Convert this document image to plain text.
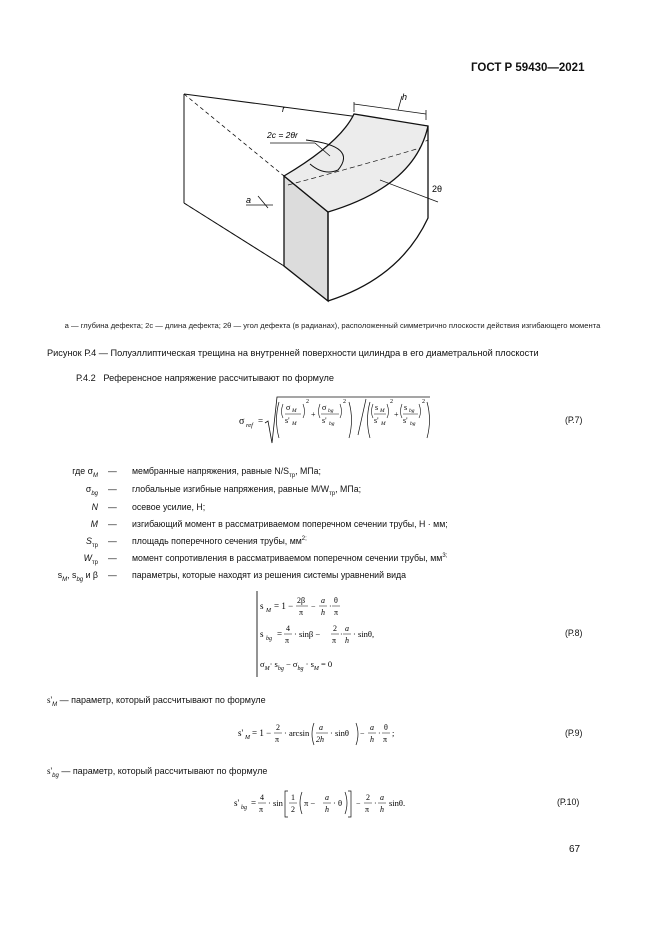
ГОСТ Р 59430—2021
r
h
2c = 2θr
2θ
a
a — глубина дефекта; 2c — длина дефекта; 2θ — угол дефекта (в радианах), расположенный симметрично плоскости действия изгибающего момента
Рисунок Р.4 — Полуэллиптическая трещина на внутренней поверхности цилиндра в его диаметральной плоскости
Р.4.2 Референсное напряжение рассчитывают по формуле
σ ref =
σ M
s' M
2
+
σ bg
s' bg
2
s M
s' M
2
+
s bg
s' bg
2
(Р.7)
где $\sigma_M$ — мембранные напряжения, равные $N/S_{тр}$, МПа;
$\sigma_{bg}$ — глобальные изгибные напряжения, равные $M/W_{тр}$, МПа;
N — осевое усилие, Н;
M — изгибающий момент в рассматриваемом поперечном сечении трубы, Н · мм;
$S_{тр}$ — площадь поперечного сечения трубы, $мм^{2;}$
$W_{тр}$ — момент сопротивления в рассматриваемом поперечном сечении трубы, $мм^{3;}$
$s_M$, $s_{bg}$ и β — параметры, которые находят из решения системы уравнений вида
s M = 1 −
2β
π
−
a
h
·
θ
π
s bg =
4
π
· sinβ −
2
π
·
a
h
· sinθ,
$\sigma_M\cdot s_{bg} - \sigma_{bg} \cdot s_M = 0$
(Р.8)
$s'_M$ — параметр, который рассчитывают по формуле
s' M = 1 −
2
π
· arcsin
a
2h
· sinθ −
a
h
·
θ
π
;	(Р.9)
$s'_{bg}$ — параметр, который рассчитывают по формуле
s' bg =
4
π
· sin
1
2
π −
a
h
· θ −
2
π
·
a
h
sinθ.	(Р.10)
67
